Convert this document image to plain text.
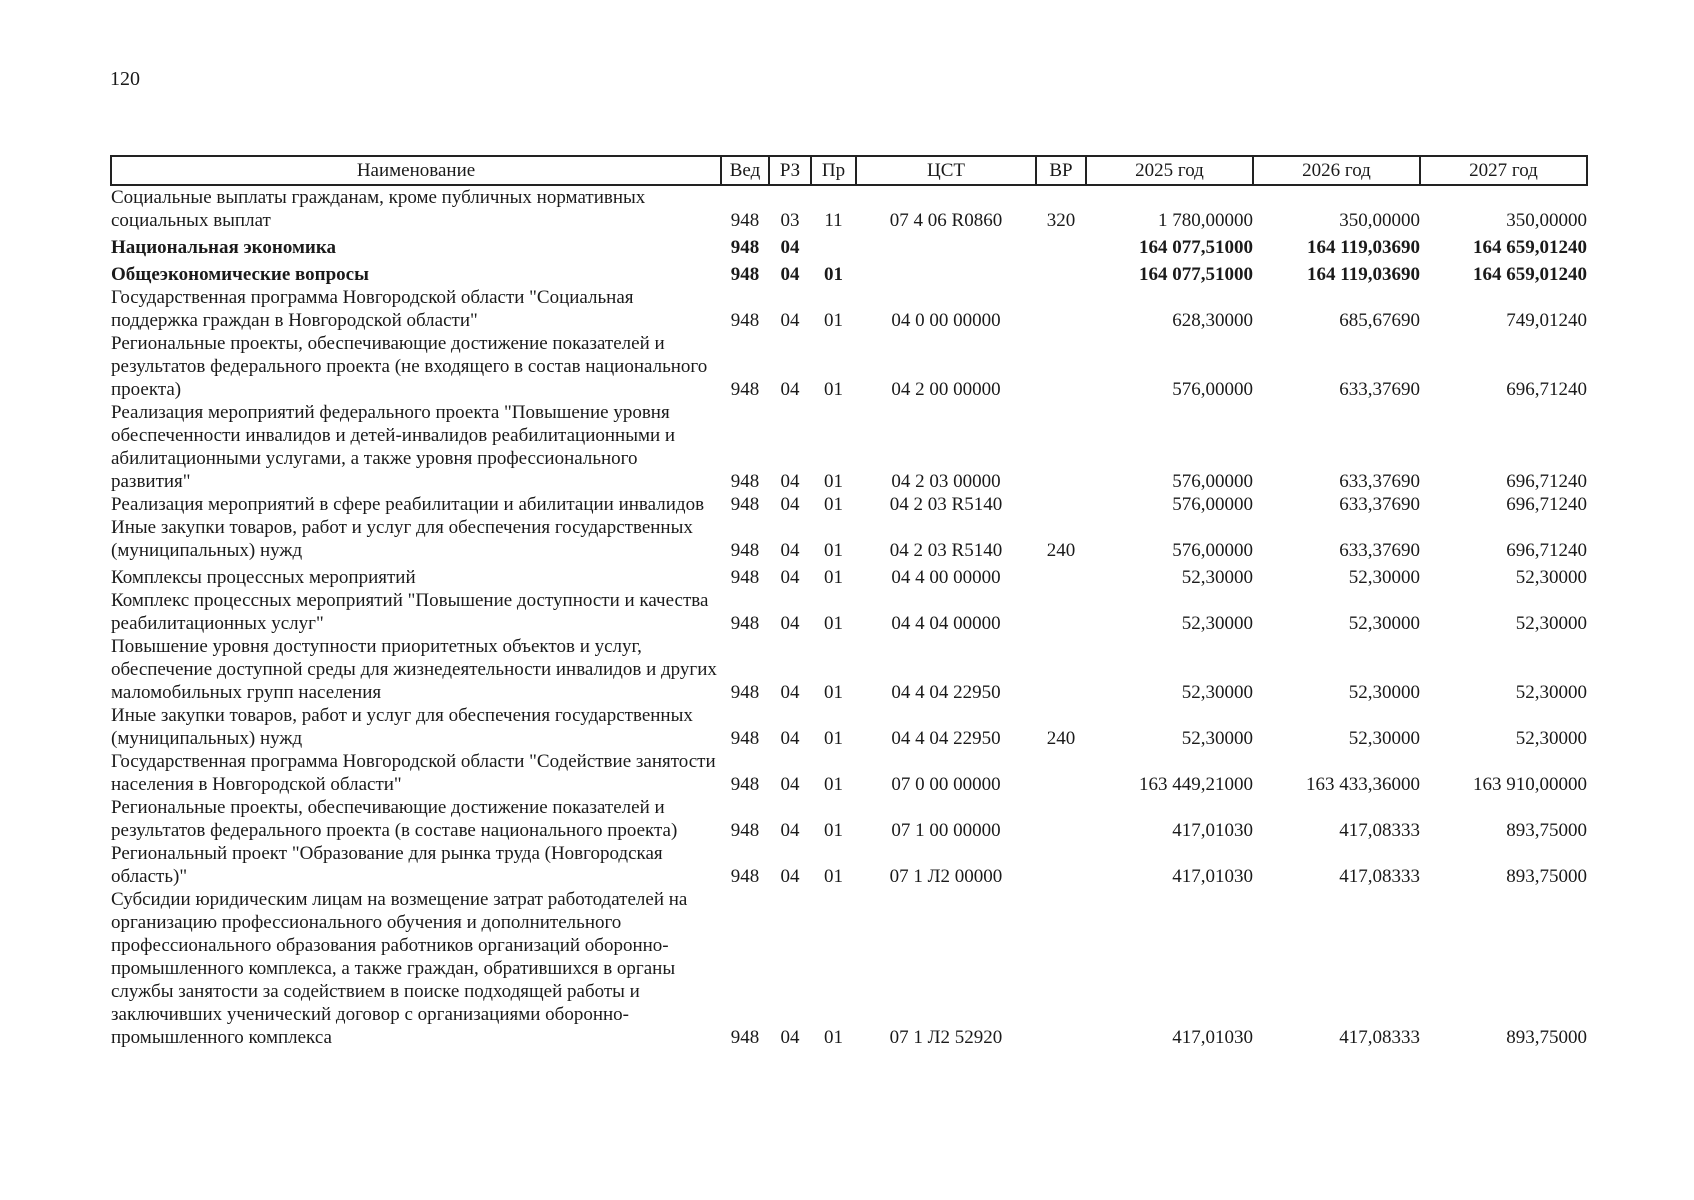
120
Наименование	Вед	РЗ	Пр	ЦСТ	ВР	2025 год	2026 год	2027 год
Социальные выплаты гражданам, кроме публичных нормативных социальных выплат	948	03	11	07 4 06 R0860	320	1 780,00000	350,00000	350,00000
Национальная экономика	948	04				164 077,51000	164 119,03690	164 659,01240
Общеэкономические вопросы	948	04	01			164 077,51000	164 119,03690	164 659,01240
Государственная программа Новгородской области "Социальная поддержка граждан в Новгородской области"	948	04	01	04 0 00 00000		628,30000	685,67690	749,01240
Региональные проекты, обеспечивающие достижение показателей и результатов федерального проекта (не входящего в состав национального проекта)	948	04	01	04 2 00 00000		576,00000	633,37690	696,71240
Реализация мероприятий федерального проекта "Повышение уровня обеспеченности инвалидов и детей-инвалидов реабилитационными и абилитационными услугами, а также уровня профессионального развития"	948	04	01	04 2 03 00000		576,00000	633,37690	696,71240
Реализация мероприятий в сфере реабилитации и абилитации инвалидов	948	04	01	04 2 03 R5140		576,00000	633,37690	696,71240
Иные закупки товаров, работ и услуг для обеспечения государственных (муниципальных) нужд	948	04	01	04 2 03 R5140	240	576,00000	633,37690	696,71240
Комплексы процессных мероприятий	948	04	01	04 4 00 00000		52,30000	52,30000	52,30000
Комплекс процессных мероприятий "Повышение доступности и качества реабилитационных услуг"	948	04	01	04 4 04 00000		52,30000	52,30000	52,30000
Повышение уровня доступности приоритетных объектов и услуг, обеспечение доступной среды для жизнедеятельности инвалидов и других маломобильных групп населения	948	04	01	04 4 04 22950		52,30000	52,30000	52,30000
Иные закупки товаров, работ и услуг для обеспечения государственных (муниципальных) нужд	948	04	01	04 4 04 22950	240	52,30000	52,30000	52,30000
Государственная программа Новгородской области "Содействие занятости населения в Новгородской области"	948	04	01	07 0 00 00000		163 449,21000	163 433,36000	163 910,00000
Региональные проекты, обеспечивающие достижение показателей и результатов федерального проекта (в составе национального проекта)	948	04	01	07 1 00 00000		417,01030	417,08333	893,75000
Региональный проект "Образование для рынка труда (Новгородская область)"	948	04	01	07 1 Л2 00000		417,01030	417,08333	893,75000
Субсидии юридическим лицам на возмещение затрат работодателей на организацию профессионального обучения и дополнительного профессионального образования работников организаций оборонно-промышленного комплекса, а также граждан, обратившихся в органы службы занятости за содействием в поиске подходящей работы и заключивших ученический договор с организациями оборонно-промышленного комплекса	948	04	01	07 1 Л2 52920		417,01030	417,08333	893,75000
